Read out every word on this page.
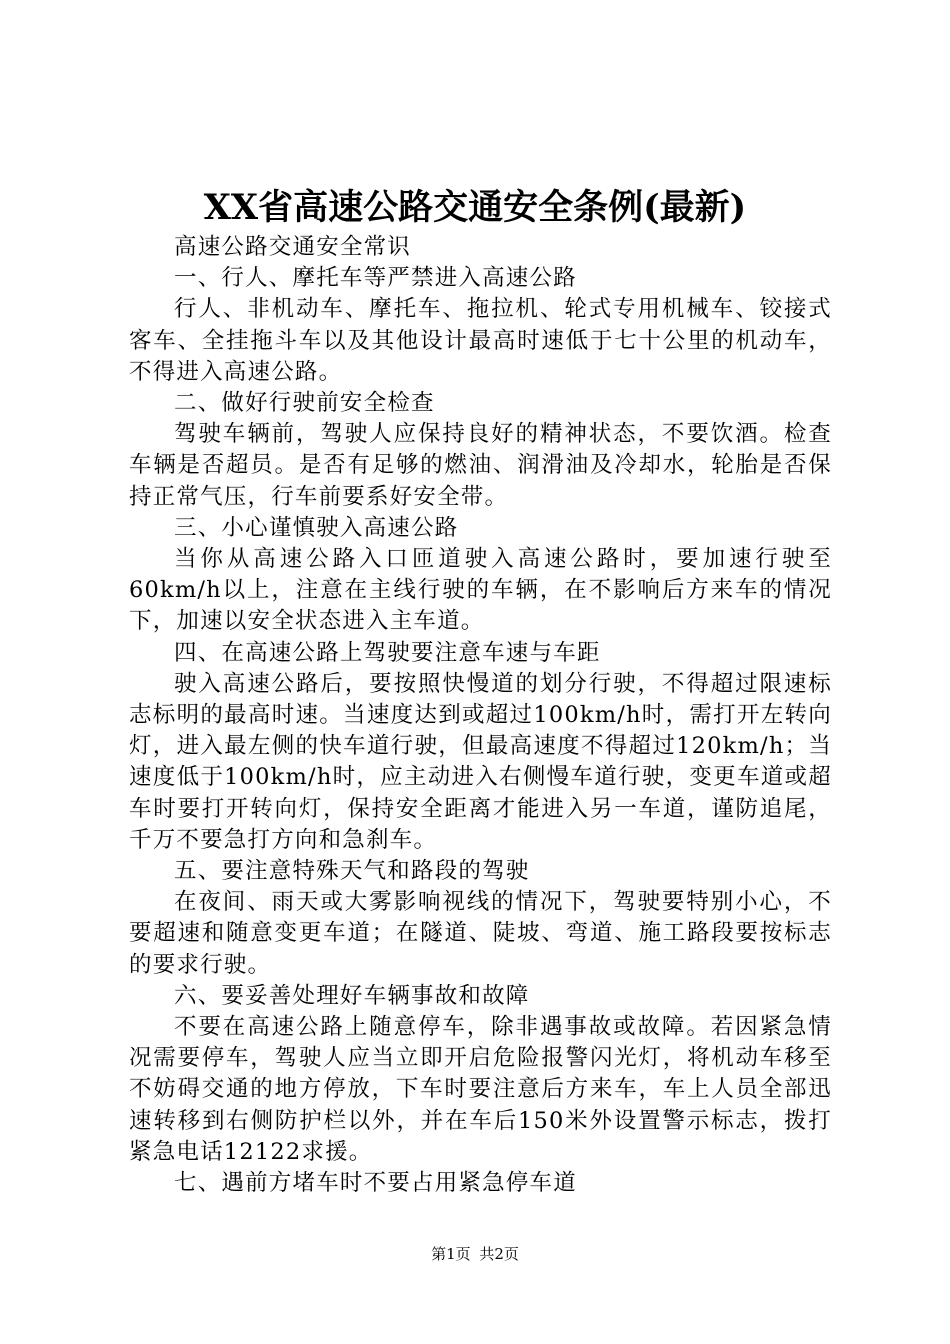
XX省高速公路交通安全条例(最新)

高速公路交通安全常识

一、行人、摩托车等严禁进入高速公路

行人、非机动车、摩托车、拖拉机、轮式专用机械车、铰接式客车、全挂拖斗车以及其他设计最高时速低于七十公里的机动车，不得进入高速公路。

二、做好行驶前安全检查

驾驶车辆前，驾驶人应保持良好的精神状态，不要饮酒。检查车辆是否超员。是否有足够的燃油、润滑油及冷却水，轮胎是否保持正常气压，行车前要系好安全带。

三、小心谨慎驶入高速公路

当你从高速公路入口匝道驶入高速公路时，要加速行驶至60km/h以上，注意在主线行驶的车辆，在不影响后方来车的情况下，加速以安全状态进入主车道。

四、在高速公路上驾驶要注意车速与车距

驶入高速公路后，要按照快慢道的划分行驶，不得超过限速标志标明的最高时速。当速度达到或超过100km/h时，需打开左转向灯，进入最左侧的快车道行驶，但最高速度不得超过120km/h；当速度低于100km/h时，应主动进入右侧慢车道行驶，变更车道或超车时要打开转向灯，保持安全距离才能进入另一车道，谨防追尾，千万不要急打方向和急刹车。

五、要注意特殊天气和路段的驾驶

在夜间、雨天或大雾影响视线的情况下，驾驶要特别小心，不要超速和随意变更车道；在隧道、陡坡、弯道、施工路段要按标志的要求行驶。

六、要妥善处理好车辆事故和故障

不要在高速公路上随意停车，除非遇事故或故障。若因紧急情况需要停车，驾驶人应当立即开启危险报警闪光灯，将机动车移至不妨碍交通的地方停放，下车时要注意后方来车，车上人员全部迅速转移到右侧防护栏以外，并在车后150米外设置警示标志，拨打紧急电话12122求援。

七、遇前方堵车时不要占用紧急停车道

第1页 共2页
